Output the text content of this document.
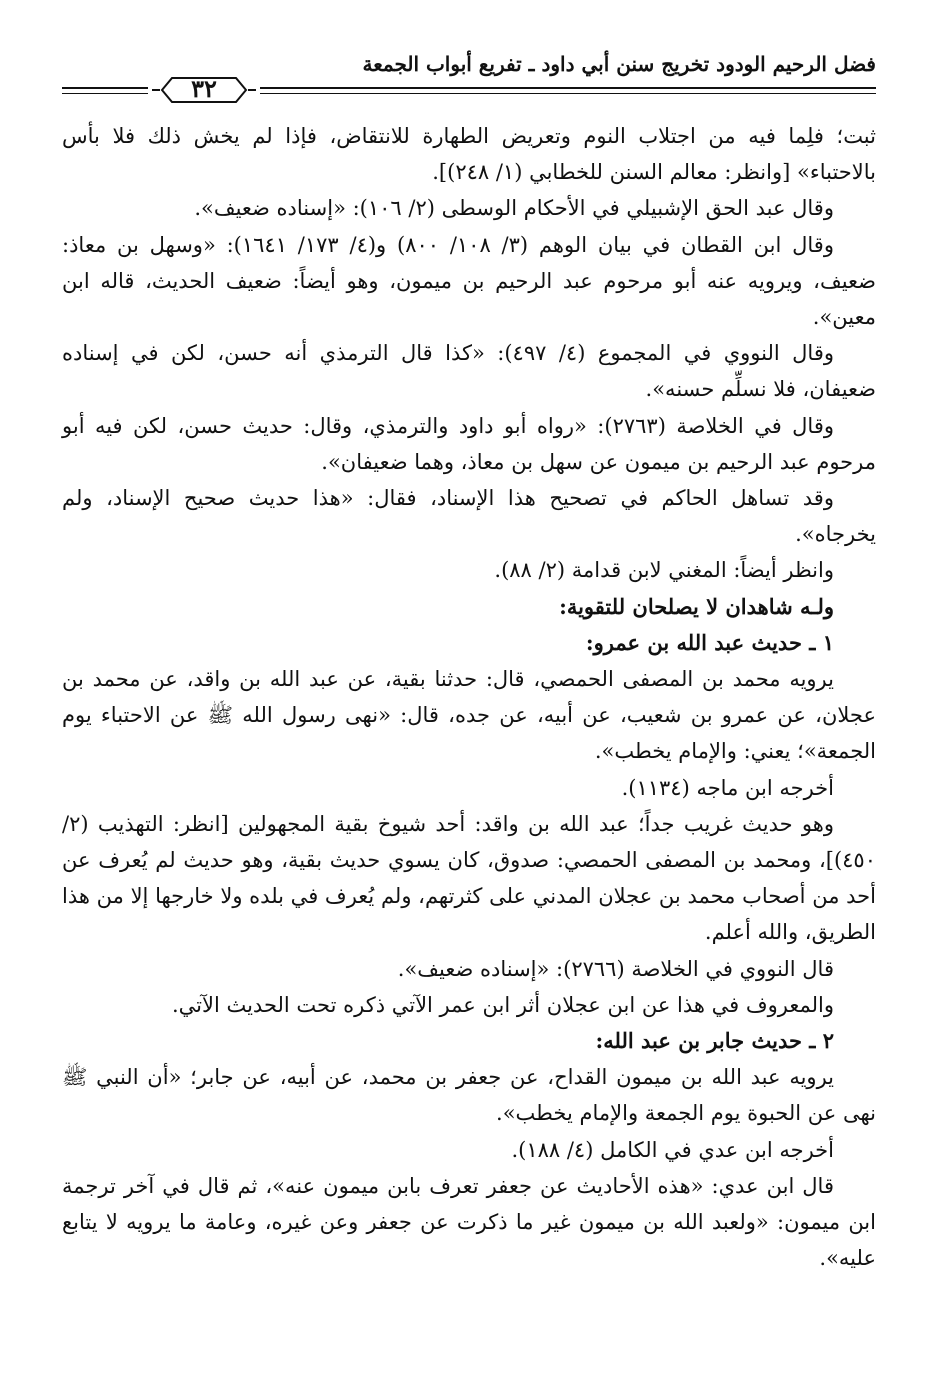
فضل الرحيم الودود تخريج سنن أبي داود ـ تفريع أبواب الجمعة
٣٢

ثبت؛ فلِما فيه من اجتلاب النوم وتعريض الطهارة للانتقاض، فإذا لم يخش ذلك فلا بأس بالاحتباء» [وانظر: معالم السنن للخطابي (١/ ٢٤٨)].

وقال عبد الحق الإشبيلي في الأحكام الوسطى (٢/ ١٠٦): «إسناده ضعيف».

وقال ابن القطان في بيان الوهم (٣/ ١٠٨/ ٨٠٠) و(٤/ ١٧٣/ ١٦٤١): «وسهل بن معاذ: ضعيف، ويرويه عنه أبو مرحوم عبد الرحيم بن ميمون، وهو أيضاً: ضعيف الحديث، قاله ابن معين».

وقال النووي في المجموع (٤/ ٤٩٧): «كذا قال الترمذي أنه حسن، لكن في إسناده ضعيفان، فلا نسلِّم حسنه».

وقال في الخلاصة (٢٧٦٣): «رواه أبو داود والترمذي، وقال: حديث حسن، لكن فيه أبو مرحوم عبد الرحيم بن ميمون عن سهل بن معاذ، وهما ضعيفان».

وقد تساهل الحاكم في تصحيح هذا الإسناد، فقال: «هذا حديث صحيح الإسناد، ولم يخرجاه».

وانظر أيضاً: المغني لابن قدامة (٢/ ٨٨).

ولـه شاهدان لا يصلحان للتقوية:

١ ـ حديث عبد الله بن عمرو:

يرويه محمد بن المصفى الحمصي، قال: حدثنا بقية، عن عبد الله بن واقد، عن محمد بن عجلان، عن عمرو بن شعيب، عن أبيه، عن جده، قال: «نهى رسول الله ﷺ عن الاحتباء يوم الجمعة»؛ يعني: والإمام يخطب».

أخرجه ابن ماجه (١١٣٤).

وهو حديث غريب جداً؛ عبد الله بن واقد: أحد شيوخ بقية المجهولين [انظر: التهذيب (٢/ ٤٥٠)]، ومحمد بن المصفى الحمصي: صدوق، كان يسوي حديث بقية، وهو حديث لم يُعرف عن أحد من أصحاب محمد بن عجلان المدني على كثرتهم، ولم يُعرف في بلده ولا خارجها إلا من هذا الطريق، والله أعلم.

قال النووي في الخلاصة (٢٧٦٦): «إسناده ضعيف».

والمعروف في هذا عن ابن عجلان أثر ابن عمر الآتي ذكره تحت الحديث الآتي.

٢ ـ حديث جابر بن عبد الله:

يرويه عبد الله بن ميمون القداح، عن جعفر بن محمد، عن أبيه، عن جابر؛ «أن النبي ﷺ نهى عن الحبوة يوم الجمعة والإمام يخطب».

أخرجه ابن عدي في الكامل (٤/ ١٨٨).

قال ابن عدي: «هذه الأحاديث عن جعفر تعرف بابن ميمون عنه»، ثم قال في آخر ترجمة ابن ميمون: «ولعبد الله بن ميمون غير ما ذكرت عن جعفر وعن غيره، وعامة ما يرويه لا يتابع عليه».
